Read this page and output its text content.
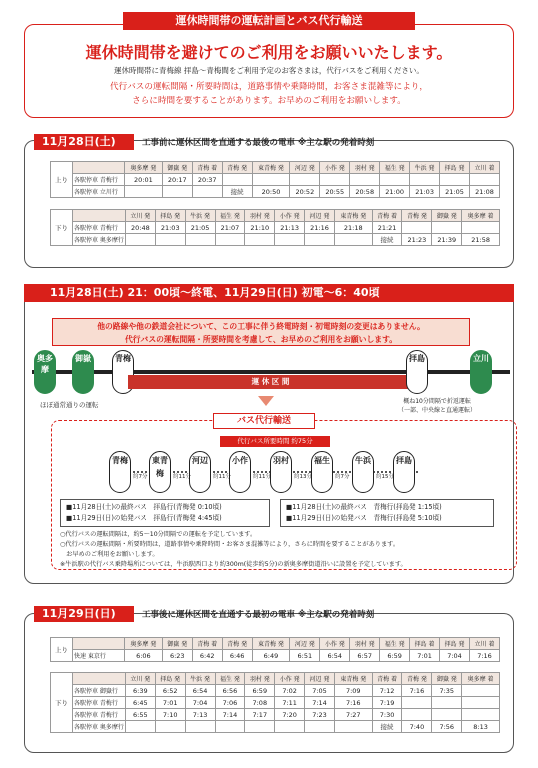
運休時間帯の運転計画とバス代行輸送
運休時間帯を避けてのご利用をお願いいたします。
運休時間帯に青梅線 拝島～青梅間をご利用予定のお客さまは，代行バスをご利用ください。
代行バスの運転間隔・所要時間は，道路事情や乗降時間，お客さま混雑等により，
さらに時間を要することがあります。お早めのご利用をお願いします。
11月28日(土)	工事前に運休区間を直通する最後の電車 ※主な駅の発着時刻
上り		奥多摩 発	御嶽 発	青梅 着	青梅 発	東青梅 発	河辺 発	小作 発	羽村 発	福生 発	牛浜 発	拝島 発	立川 着
	各駅停車 青梅行	20:01	20:17	20:37									
	各駅停車 立川行				接続	20:50	20:52	20:55	20:58	21:00	21:03	21:05	21:08
下り		立川 発	拝島 発	牛浜 発	福生 発	羽村 発	小作 発	河辺 発	東青梅 発	青梅 着	青梅 発	御嶽 発	奥多摩 着
	各駅停車 青梅行	20:48	21:03	21:05	21:07	21:10	21:13	21:16	21:18	21:21			
	各駅停車 奥多摩行									接続	21:23	21:39	21:58
11月28日(土) 21：00頃～終電、11月29日(日) 初電～6：40頃
他の路線や他の鉄道会社について、この工事に伴う終電時刻・初電時刻の変更はありません。
代行バスの運転間隔・所要時間を考慮して、お早めのご利用をお願いします。
奥多摩
御嶽	青梅
運 休 区 間
拝島	立川
ほぼ通常通りの運転	概ね10分間隔で折返運転
（一部、中央線と直通運転）
バス代行輸送
代行バス所要時間 約75分
青梅	東青梅
河辺	小作	羽村	福生	牛浜	拝島
約7分	約11分	約11分	約11分	約13分	約7分	約15分
■11月28日(土)の最終バス　拝島行(青梅発 0:10頃)
■11月29日(日)の始発バス　拝島行(青梅発 4:45頃)
■11月28日(土)の最終バス　青梅行(拝島発 1:15頃)
■11月29日(日)の始発バス　青梅行(拝島発 5:10頃)
○代行バスの運転間隔は，約5～10分間隔での運転を予定しています。
○代行バスの運転間隔・所要時間は，道路事情や乗降時間・お客さま混雑等により，さらに時間を要することがあります。
　お早めのご利用をお願いします。
※牛浜駅の代行バス乗降場所については，牛浜駅西口より約300m(徒歩約5分)の新奥多摩街道沿いに設置を予定しています。
11月29日(日)	工事後に運休区間を直通する最初の電車 ※主な駅の発着時刻
上り		奥多摩 発	御嶽 発	青梅 着	青梅 発	東青梅 発	河辺 発	小作 発	羽村 発	福生 発	拝島 着	拝島 発	立川 着
	快速 東京行	6:06	6:23	6:42	6:46	6:49	6:51	6:54	6:57	6:59	7:01	7:04	7:16
下り		立川 発	拝島 発	牛浜 発	福生 発	羽村 発	小作 発	河辺 発	東青梅 発	青梅 着	青梅 発	御嶽 発	奥多摩 着
	各駅停車 御嶽行	6:39	6:52	6:54	6:56	6:59	7:02	7:05	7:09	7:12	7:16	7:35	
	各駅停車 青梅行	6:45	7:01	7:04	7:06	7:08	7:11	7:14	7:16	7:19			
	各駅停車 青梅行	6:55	7:10	7:13	7:14	7:17	7:20	7:23	7:27	7:30			
	各駅停車 奥多摩行									接続	7:40	7:56	8:13
